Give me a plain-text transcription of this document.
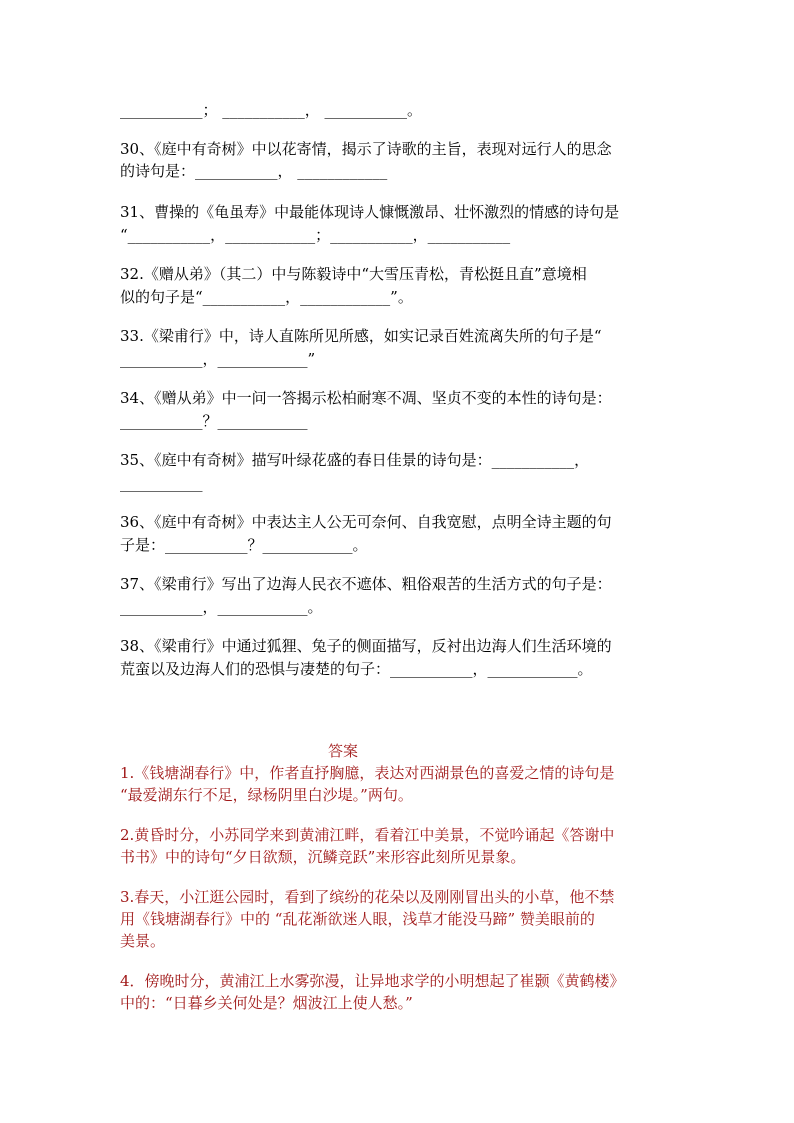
___________； ___________， ___________。
30、《庭中有奇树》中以花寄情，揭示了诗歌的主旨，表现对远行人的思念
的诗句是：___________， ____________
31、曹操的《龟虽寿》中最能体现诗人慷慨激昂、壮怀激烈的情感的诗句是
“___________，____________；___________，___________
32.《赠从弟》（其二）中与陈毅诗中“大雪压青松，青松挺且直”意境相
似的句子是“___________，____________”。
33.《梁甫行》中，诗人直陈所见所感，如实记录百姓流离失所的句子是“
___________，____________”
34、《赠从弟》中一问一答揭示松柏耐寒不凋、坚贞不变的本性的诗句是：
___________？____________
35、《庭中有奇树》描写叶绿花盛的春日佳景的诗句是：___________，
___________
36、《庭中有奇树》中表达主人公无可奈何、自我宽慰，点明全诗主题的句
子是：___________？____________。
37、《梁甫行》写出了边海人民衣不遮体、粗俗艰苦的生活方式的句子是：
___________，____________。
38、《梁甫行》中通过狐狸、兔子的侧面描写，反衬出边海人们生活环境的
荒蛮以及边海人们的恐惧与凄楚的句子：___________，____________。
答案
1.《钱塘湖春行》中，作者直抒胸臆，表达对西湖景色的喜爱之情的诗句是
“最爱湖东行不足，绿杨阴里白沙堤。”两句。
2.黄昏时分，小苏同学来到黄浦江畔，看着江中美景，不觉吟诵起《答谢中
书书》中的诗句“夕日欲颓，沉鳞竞跃”来形容此刻所见景象。
3.春天，小江逛公园时，看到了缤纷的花朵以及刚刚冒出头的小草，他不禁
用《钱塘湖春行》中的 “乱花渐欲迷人眼，浅草才能没马蹄” 赞美眼前的
美景。
4．傍晚时分，黄浦江上水雾弥漫，让异地求学的小明想起了崔颢《黄鹤楼》
中的：“日暮乡关何处是？烟波江上使人愁。”
